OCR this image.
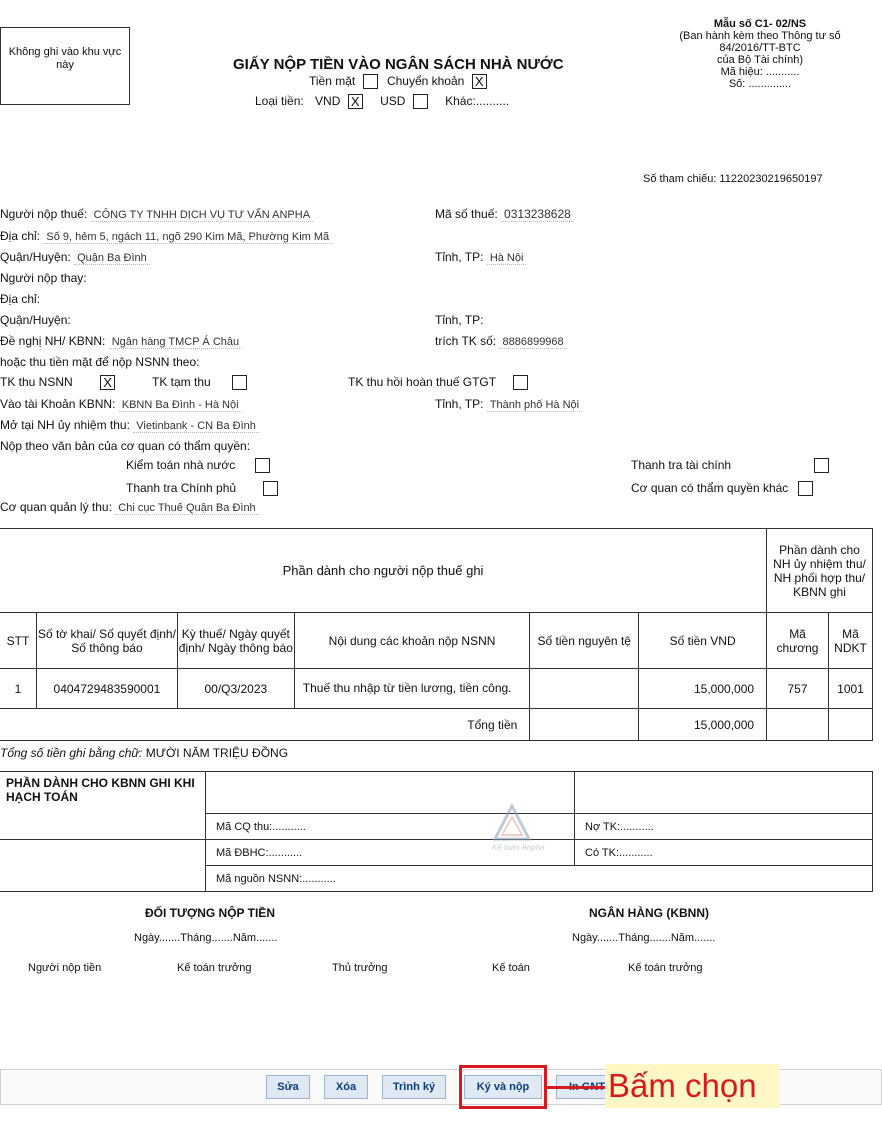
Không ghi vào khu vực này	GIẤY NỘP TIỀN VÀO NGÂN SÁCH NHÀ NƯỚC
Tiền mặt	Chuyển khoản X
Loại tiền: VND X USD	Khác:..........
Mẫu số C1- 02/NS
(Ban hành kèm theo Thông tư số
84/2016/TT-BTC
của Bộ Tài chính)
Mã hiệu: ...........
Số: ..............
Số tham chiếu: 11220230219650197
Người nộp thuế: CÔNG TY TNHH DỊCH VỤ TƯ VẤN ANPHA	Mã số thuế: 0313238628
Địa chỉ: Số 9, hẻm 5, ngách 11, ngõ 290 Kim Mã, Phường Kim Mã
Quận/Huyện: Quận Ba Đình	Tỉnh, TP: Hà Nội
Người nộp thay:
Địa chỉ:
Quận/Huyện:	Tỉnh, TP:
Đề nghị NH/ KBNN: Ngân hàng TMCP Á Châu	trích TK số: 8886899968
hoặc thu tiền mặt để nộp NSNN theo:
TK thu NSNN X	TK tạm thu	TK thu hồi hoàn thuế GTGT
Vào tài Khoản KBNN: KBNN Ba Đình - Hà Nội	Tỉnh, TP: Thành phố Hà Nội
Mở tại NH ủy nhiệm thu: Vietinbank - CN Ba Đình
Nộp theo văn bản của cơ quan có thẩm quyền:
Kiểm toán nhà nước	Thanh tra tài chính
Thanh tra Chính phủ	Cơ quan có thẩm quyền khác
Cơ quan quản lý thu: Chi cục Thuế Quận Ba Đình
Phần dành cho người nộp thuế ghi						Phần dành cho NH ủy nhiệm thu/ NH phối hợp thu/ KBNN ghi	
STT	Số tờ khai/ Số quyết định/ Số thông báo	Kỳ thuế/ Ngày quyết định/ Ngày thông báo	Nội dung các khoản nộp NSNN	Số tiền nguyên tệ	Số tiền VND	Mã chương	Mã NDKT
1	0404729483590001	00/Q3/2023	Thuế thu nhập từ tiền lương, tiền công.		15,000,000	757	1001
Tổng tiền					15,000,000		
Tổng số tiền ghi bằng chữ: MƯỜI NĂM TRIỆU ĐỒNG
PHẦN DÀNH CHO KBNN GHI KHI HẠCH TOÁN		
	Mã CQ thu:...........	Nợ TK:...........
	Mã ĐBHC:...........	Có TK:...........
	Mã nguồn NSNN:...........	
Kế toán Anpha
ĐỐI TƯỢNG NỘP TIỀN
Ngày.......Tháng.......Năm.......
NGÂN HÀNG (KBNN)
Ngày.......Tháng.......Năm.......
Người nộp tiền	Kế toán trưởng	Thủ trưởng	Kế toán	Kế toán trưởng
Sửa	Xóa	Trình ký	Ký và nộp	Bấm chọn
